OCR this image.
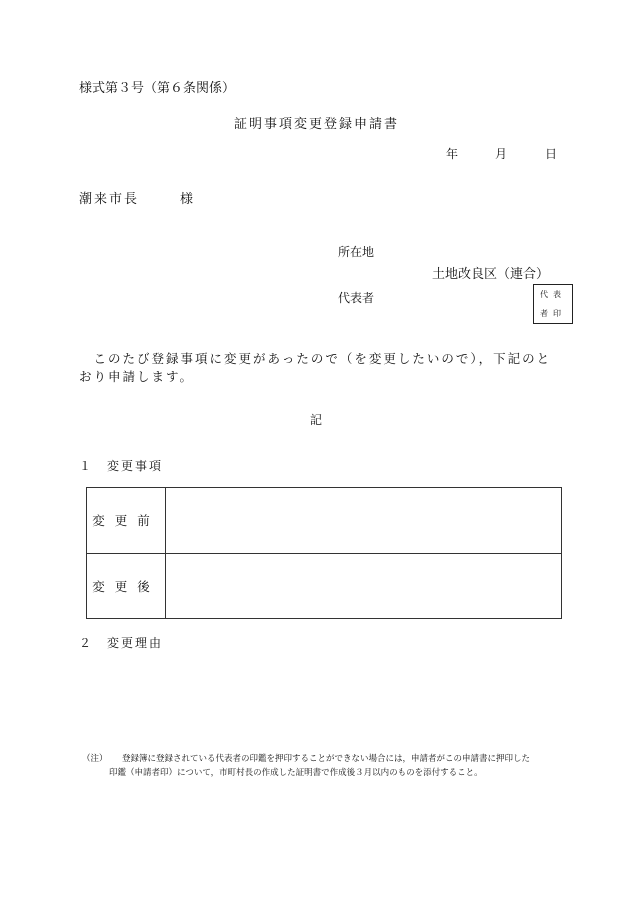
様式第３号（第６条関係）
証明事項変更登録申請書
年	月	日
潮来市長	様
所在地
土地改良区（連合）
代表者	代表
者印
　このたび登録事項に変更があったので（を変更したいので），下記のとおり申請します。
記
１　変更事項
変更前	
変更後	
２　変更理由
（注） 登録簿に登録されている代表者の印鑑を押印することができない場合には，申請者がこの申請書に押印した
印鑑（申請者印）について，市町村長の作成した証明書で作成後３月以内のものを添付すること。
